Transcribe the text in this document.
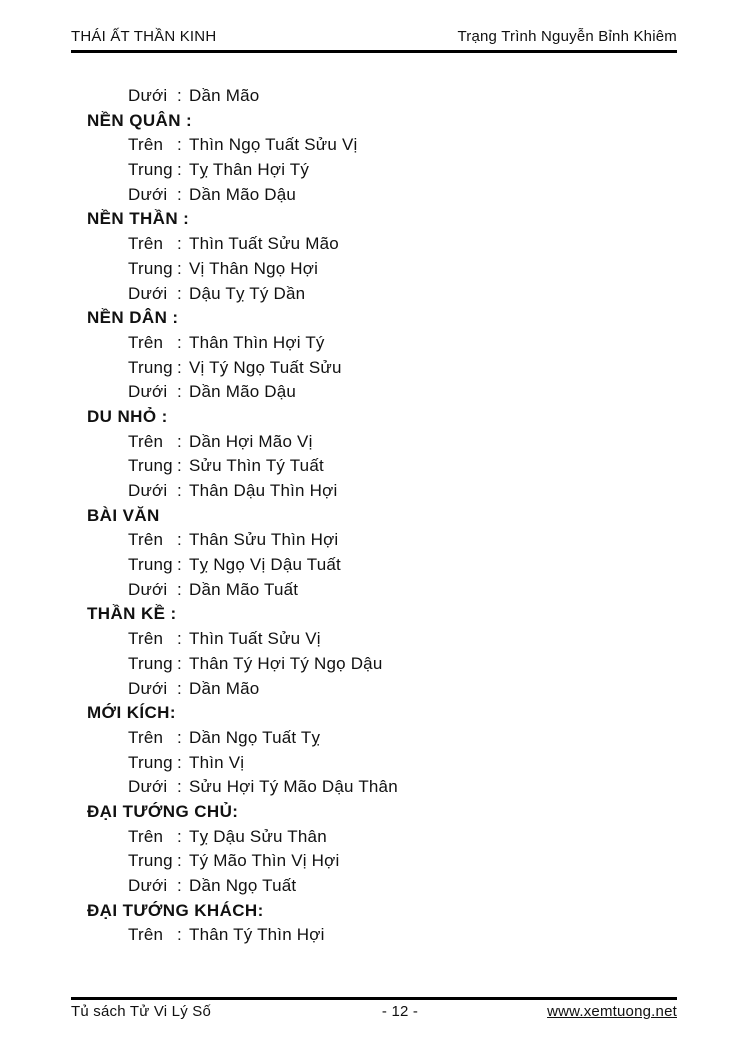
THÁI ẤT THẦN KINH	Trạng Trình Nguyễn Bỉnh Khiêm
Dưới : Dần Mão
NỀN QUÂN :
Trên : Thìn Ngọ Tuất Sửu Vị
Trung : Tỵ Thân Hợi Tý
Dưới : Dần Mão Dậu
NỀN THẦN :
Trên : Thìn Tuất Sửu Mão
Trung : Vị Thân Ngọ Hợi
Dưới : Dậu Tỵ Tý Dần
NỀN DÂN :
Trên : Thân Thìn Hợi Tý
Trung : Vị Tý Ngọ Tuất Sửu
Dưới : Dần Mão Dậu
DU NHỎ :
Trên : Dần Hợi Mão Vị
Trung : Sửu Thìn Tý Tuất
Dưới : Thân Dậu Thìn Hợi
BÀI VĂN
Trên : Thân Sửu Thìn Hợi
Trung : Tỵ Ngọ Vị Dậu Tuất
Dưới : Dần Mão Tuất
THẦN KỀ :
Trên : Thìn Tuất Sửu Vị
Trung : Thân Tý Hợi Tý Ngọ Dậu
Dưới : Dần Mão
MỚI KÍCH:
Trên : Dần Ngọ Tuất Tỵ
Trung : Thìn Vị
Dưới : Sửu Hợi Tý Mão Dậu Thân
ĐẠI TƯỚNG CHỦ:
Trên : Tỵ Dậu Sửu Thân
Trung : Tý Mão Thìn Vị Hợi
Dưới : Dần Ngọ Tuất
ĐẠI TƯỚNG KHÁCH:
Trên : Thân Tý Thìn Hợi
Tủ sách Tử Vi Lý Số	- 12 -	www.xemtuong.net
